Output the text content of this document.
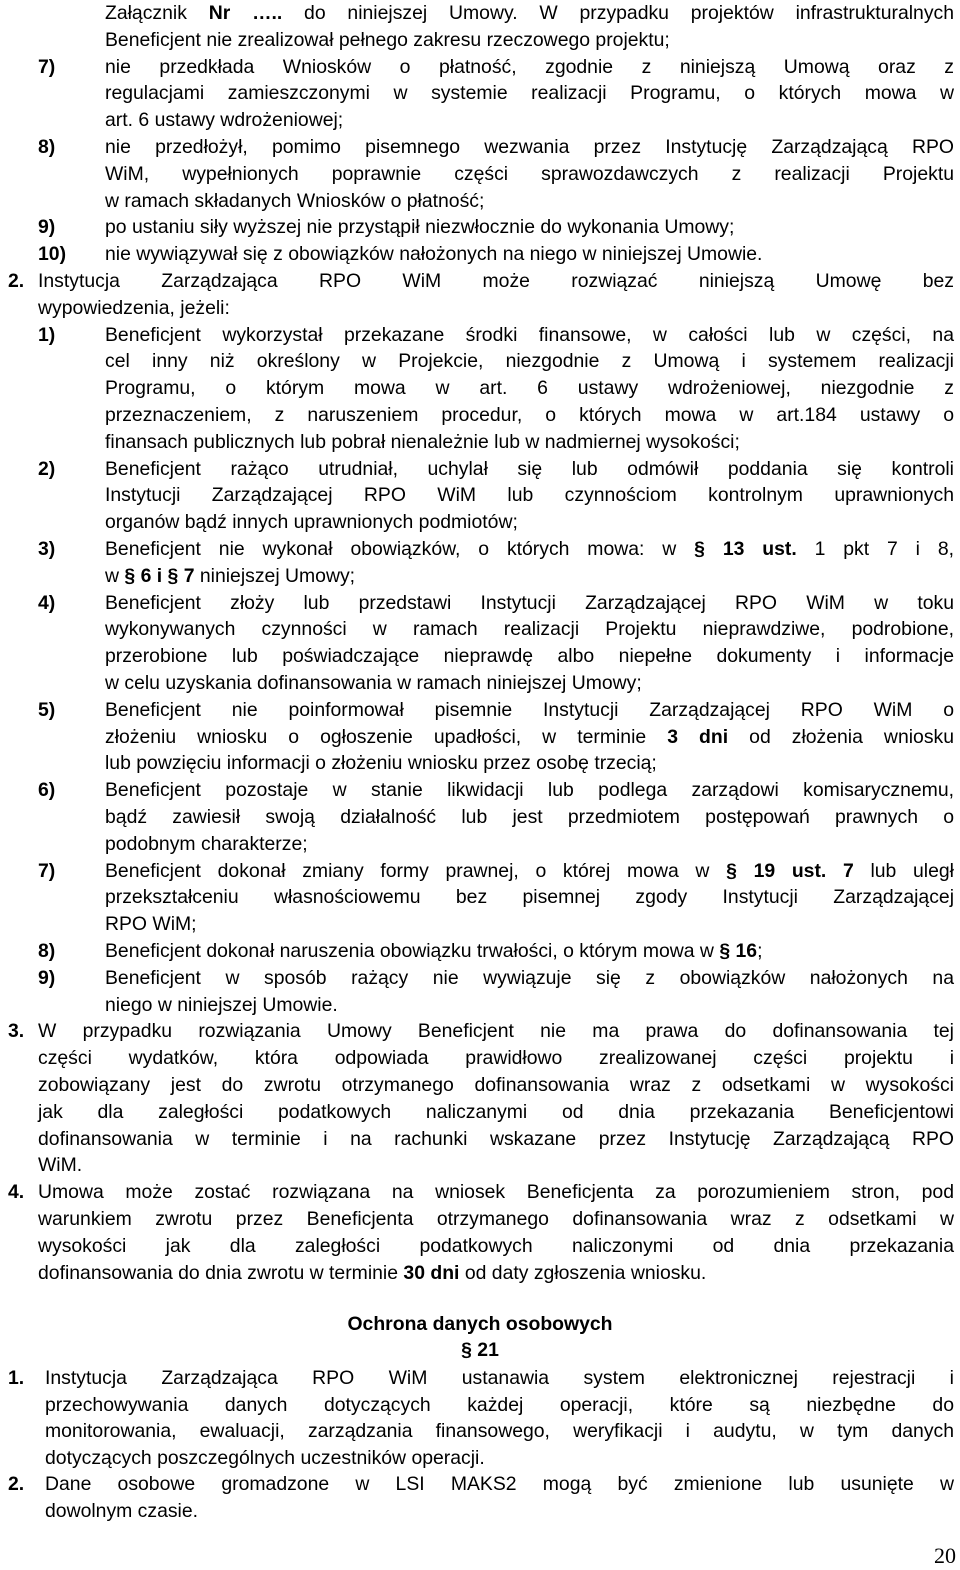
Załącznik Nr ….. do niniejszej Umowy. W przypadku projektów infrastrukturalnych
Beneficjent nie zrealizował pełnego zakresu rzeczowego projektu;
7)	nie przedkłada Wniosków o płatność, zgodnie z niniejszą Umową oraz z
regulacjami zamieszczonymi w systemie realizacji Programu, o których mowa w
art. 6 ustawy wdrożeniowej;
8)	nie przedłożył, pomimo pisemnego wezwania przez Instytucję Zarządzającą RPO
WiM, wypełnionych poprawnie części sprawozdawczych z realizacji Projektu
w ramach składanych Wniosków o płatność;
9)	po ustaniu siły wyższej nie przystąpił niezwłocznie do wykonania Umowy;
10) nie wywiązywał się z obowiązków nałożonych na niego w niniejszej Umowie.
2. Instytucja Zarządzająca RPO WiM może rozwiązać niniejszą Umowę bez
wypowiedzenia, jeżeli:
1)	Beneficjent wykorzystał przekazane środki finansowe, w całości lub w części, na
cel inny niż określony w Projekcie, niezgodnie z Umową i systemem realizacji
Programu, o którym mowa w art. 6 ustawy wdrożeniowej, niezgodnie z
przeznaczeniem, z naruszeniem procedur, o których mowa w art.184 ustawy o
finansach publicznych lub pobrał nienależnie lub w nadmiernej wysokości;
2)	Beneficjent rażąco utrudniał, uchylał się lub odmówił poddania się kontroli
Instytucji Zarządzającej RPO WiM lub czynnościom kontrolnym uprawnionych
organów bądź innych uprawnionych podmiotów;
3)	Beneficjent nie wykonał obowiązków, o których mowa: w § 13 ust. 1 pkt 7 i 8,
w § 6 i § 7 niniejszej Umowy;
4)	Beneficjent złoży lub przedstawi Instytucji Zarządzającej RPO WiM w toku
wykonywanych czynności w ramach realizacji Projektu nieprawdziwe, podrobione,
przerobione lub poświadczające nieprawdę albo niepełne dokumenty i informacje
w celu uzyskania dofinansowania w ramach niniejszej Umowy;
5)	Beneficjent nie poinformował pisemnie Instytucji Zarządzającej RPO WiM o
złożeniu wniosku o ogłoszenie upadłości, w terminie 3 dni od złożenia wniosku
lub powzięciu informacji o złożeniu wniosku przez osobę trzecią;
6)	Beneficjent pozostaje w stanie likwidacji lub podlega zarządowi komisarycznemu,
bądź zawiesił swoją działalność lub jest przedmiotem postępowań prawnych o
podobnym charakterze;
7)	Beneficjent dokonał zmiany formy prawnej, o której mowa w § 19 ust. 7 lub uległ
przekształceniu własnościowemu bez pisemnej zgody Instytucji Zarządzającej
RPO WiM;
8)	Beneficjent dokonał naruszenia obowiązku trwałości, o którym mowa w § 16;
9)	Beneficjent w sposób rażący nie wywiązuje się z obowiązków nałożonych na
niego w niniejszej Umowie.
3. W przypadku rozwiązania Umowy Beneficjent nie ma prawa do dofinansowania tej
części wydatków, która odpowiada prawidłowo zrealizowanej części projektu i
zobowiązany jest do zwrotu otrzymanego dofinansowania wraz z odsetkami w wysokości
jak dla zaległości podatkowych naliczanymi od dnia przekazania Beneficjentowi
dofinansowania w terminie i na rachunki wskazane przez Instytucję Zarządzającą RPO
WiM.
4. Umowa może zostać rozwiązana na wniosek Beneficjenta za porozumieniem stron, pod
warunkiem zwrotu przez Beneficjenta otrzymanego dofinansowania wraz z odsetkami w
wysokości jak dla zaległości podatkowych naliczonymi od dnia przekazania
dofinansowania do dnia zwrotu w terminie 30 dni od daty zgłoszenia wniosku.
Ochrona danych osobowych
§ 21
1. Instytucja Zarządzająca RPO WiM ustanawia system elektronicznej rejestracji i
przechowywania danych dotyczących każdej operacji, które są niezbędne do
monitorowania, ewaluacji, zarządzania finansowego, weryfikacji i audytu, w tym danych
dotyczących poszczególnych uczestników operacji.
2. Dane osobowe gromadzone w LSI MAKS2 mogą być zmienione lub usunięte w
dowolnym czasie.
20
